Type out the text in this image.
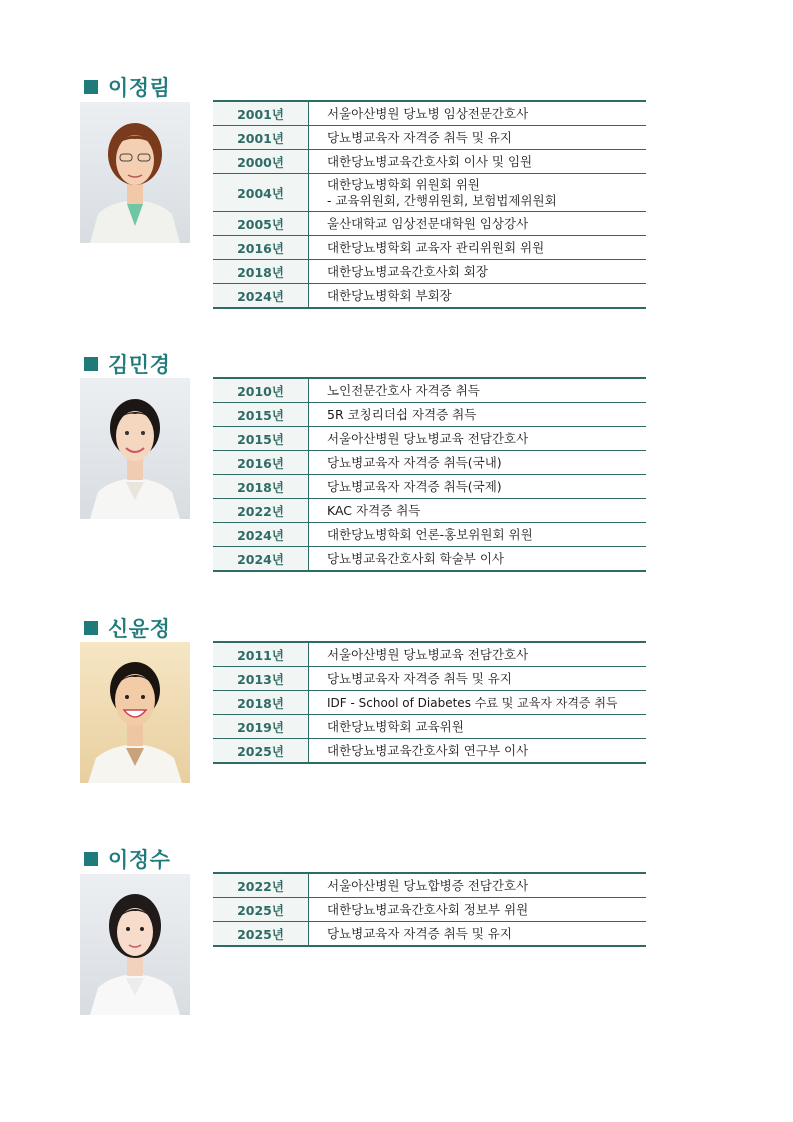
이정림
2001년	서울아산병원 당뇨병 임상전문간호사

2001년	당뇨병교육자 자격증 취득 및 유지

2000년	대한당뇨병교육간호사회 이사 및 임원

2004년	대한당뇨병학회 위원회 위원
- 교육위원회, 간행위원회, 보험법제위원회

2005년	울산대학교 임상전문대학원 임상강사

2016년	대한당뇨병학회 교육자 관리위원회 위원

2018년	대한당뇨병교육간호사회 회장

2024년	대한당뇨병학회 부회장
김민경
2010년	노인전문간호사 자격증 취득

2015년	5R 코칭리더쉽 자격증 취득

2015년	서울아산병원 당뇨병교육 전담간호사

2016년	당뇨병교육자 자격증 취득(국내)

2018년	당뇨병교육자 자격증 취득(국제)

2022년	KAC 자격증 취득

2024년	대한당뇨병학회 언론-홍보위원회 위원

2024년	당뇨병교육간호사회 학술부 이사
신윤정
2011년	서울아산병원 당뇨병교육 전담간호사

2013년	당뇨병교육자 자격증 취득 및 유지

2018년	IDF - School of Diabetes 수료 및 교육자 자격증 취득

2019년	대한당뇨병학회 교육위원

2025년	대한당뇨병교육간호사회 연구부 이사
이정수
2022년	서울아산병원 당뇨합병증 전담간호사

2025년	대한당뇨병교육간호사회 정보부 위원

2025년	당뇨병교육자 자격증 취득 및 유지
